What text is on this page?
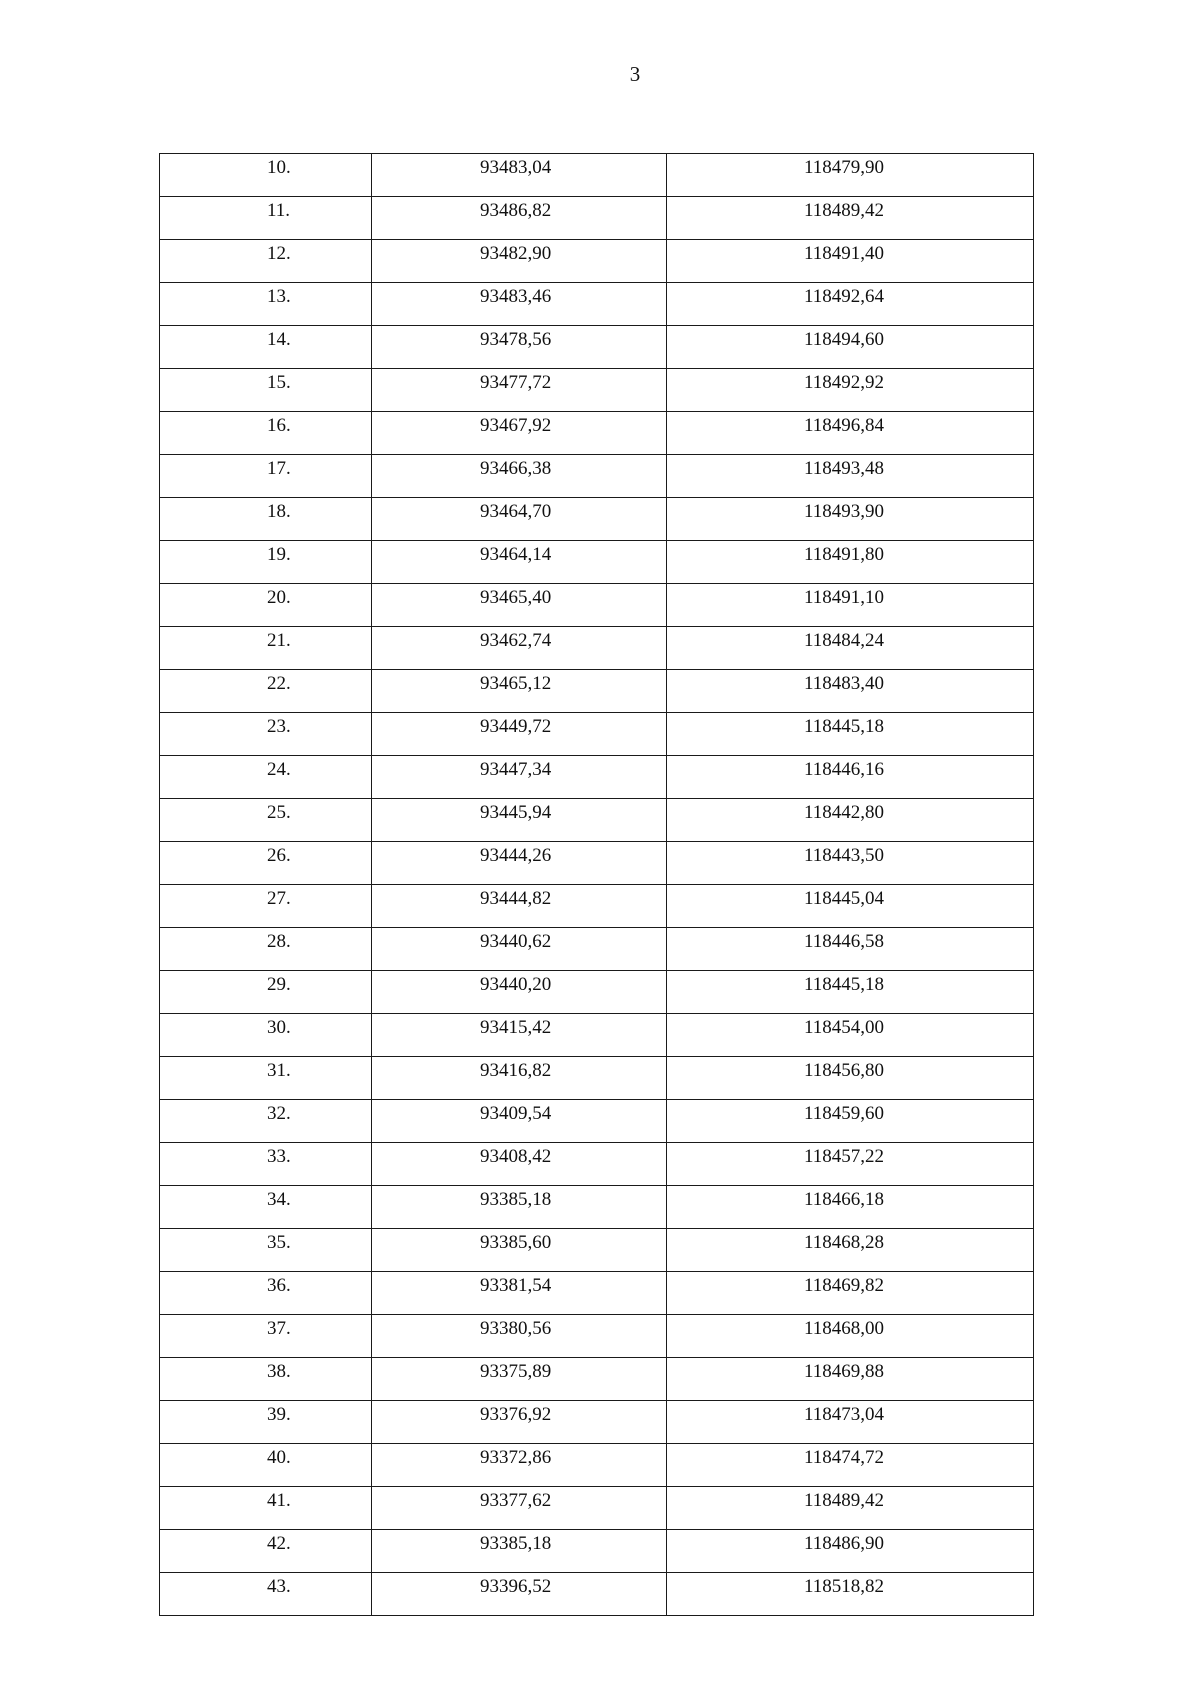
3
10.	93483,04	118479,90
11.	93486,82	118489,42
12.	93482,90	118491,40
13.	93483,46	118492,64
14.	93478,56	118494,60
15.	93477,72	118492,92
16.	93467,92	118496,84
17.	93466,38	118493,48
18.	93464,70	118493,90
19.	93464,14	118491,80
20.	93465,40	118491,10
21.	93462,74	118484,24
22.	93465,12	118483,40
23.	93449,72	118445,18
24.	93447,34	118446,16
25.	93445,94	118442,80
26.	93444,26	118443,50
27.	93444,82	118445,04
28.	93440,62	118446,58
29.	93440,20	118445,18
30.	93415,42	118454,00
31.	93416,82	118456,80
32.	93409,54	118459,60
33.	93408,42	118457,22
34.	93385,18	118466,18
35.	93385,60	118468,28
36.	93381,54	118469,82
37.	93380,56	118468,00
38.	93375,89	118469,88
39.	93376,92	118473,04
40.	93372,86	118474,72
41.	93377,62	118489,42
42.	93385,18	118486,90
43.	93396,52	118518,82
